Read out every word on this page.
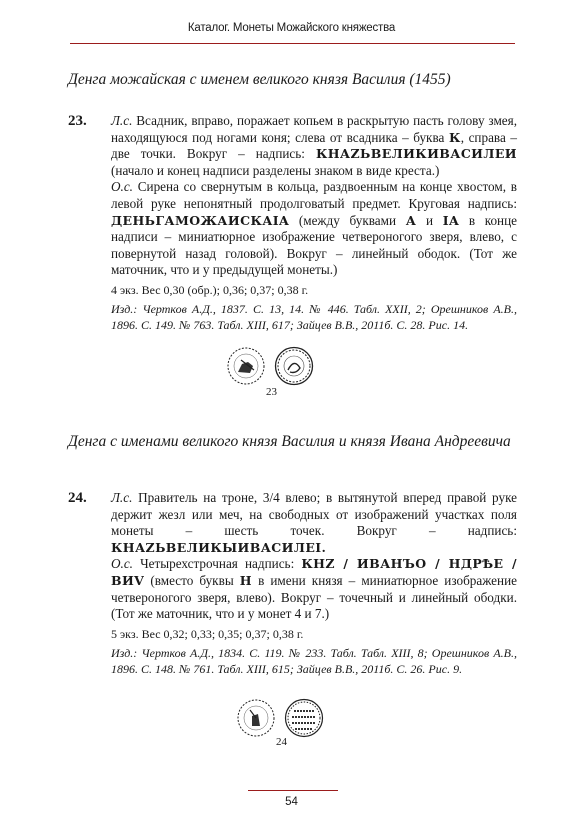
Каталог. Монеты Можайского княжества
Денга можайская с именем великого князя Василия (1455)
23. Л.с. Всадник, вправо, поражает копьем в раскрытую пасть голову змея, находящуюся под ногами коня; слева от всадника – буква К, справа – две точки. Вокруг – надпись: КНАZЬВЕЛИКИВАСИЛЕИ (начало и конец надписи разделены знаком в виде креста.)

О.с. Сирена со свернутым в кольца, раздвоенным на конце хвостом, в левой руке непонятный продолговатый предмет. Круговая надпись: ДЕНЬГАМОЖАИСКАIA (между буквами А и IA в конце надписи – миниатюрное изображение четвероногого зверя, влево, с повернутой назад головой). Вокруг – линейный ободок. (Тот же маточник, что и у предыдущей монеты.)

4 экз. Вес 0,30 (обр.); 0,36; 0,37; 0,38 г.

Изд.: Чертков А.Д., 1837. С. 13, 14. № 446. Табл. XXII, 2; Орешников А.В., 1896. С. 149. № 763. Табл. XIII, 617; Зайцев В.В., 2011б. С. 28. Рис. 14.

23
Денга с именами великого князя Василия и князя Ивана Андреевича
24. Л.с. Правитель на троне, 3/4 влево; в вытянутой вперед правой руке держит жезл или меч, на свободных от изображений участках поля монеты – шесть точек. Вокруг – надпись: КНАZЬВЕЛИКЫИВАСИЛЕI.

О.с. Четырехстрочная надпись: КНZ / ИВАНЪО / НДРѢЕ / ВИV (вместо буквы Н в имени князя – миниатюрное изображение четвероногого зверя, влево). Вокруг – точечный и линейный ободки. (Тот же маточник, что и у монет 4 и 7.)

5 экз. Вес 0,32; 0,33; 0,35; 0,37; 0,38 г.

Изд.: Чертков А.Д., 1834. С. 119. № 233. Табл. Табл. XIII, 8; Орешников А.В., 1896. С. 148. № 761. Табл. XIII, 615; Зайцев В.В., 2011б. С. 26. Рис. 9.

24
54
